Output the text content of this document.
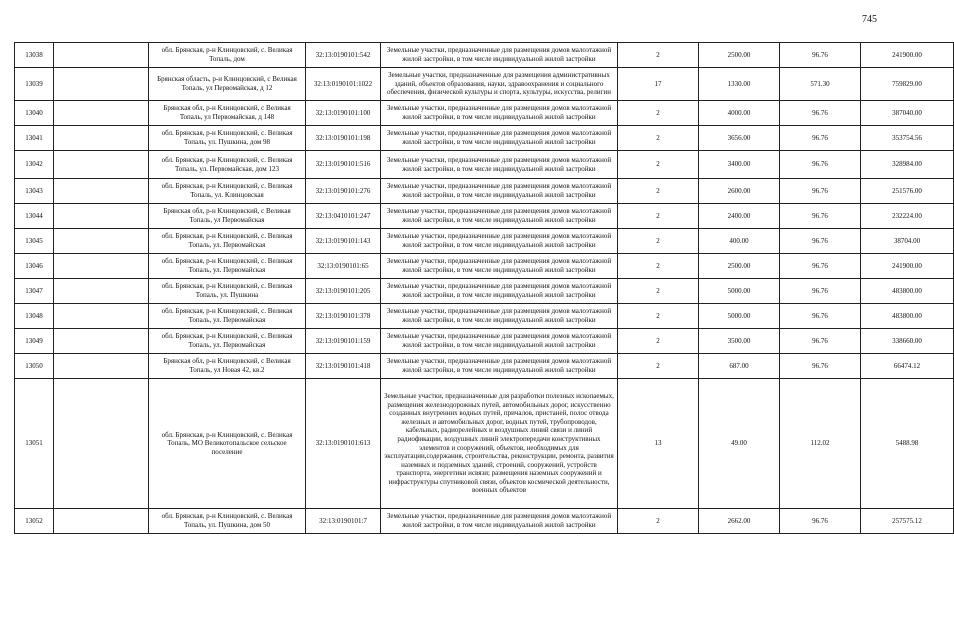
745
13038		обл. Брянская, р-н Клинцовский, с. Великая Топаль, дом	32:13:0190101:542	Земельные участки, предназначенные для размещения домов малоэтажной жилой застройки, в том числе индивидуальной жилой застройки	2	2500.00	96.76	241900.00
13039		Брянская область, р-н Клинцовский, с Великая Топаль, ул Первомайская, д 12	32:13:0190101:1022	Земельные участки, предназначенные для размещения административных зданий, объектов образования, науки, здравоохранения и социального обеспечения, физической культуры и спорта, культуры, искусства, религии	17	1330.00	571.30	759829.00
13040		Брянская обл, р-н Клинцовский, с Великая Топаль, ул Первомайская, д 148	32:13:0190101:100	Земельные участки, предназначенные для размещения домов малоэтажной жилой застройки, в том числе индивидуальной жилой застройки	2	4000.00	96.76	387040.00
13041		обл. Брянская, р-н Клинцовский, с. Великая Топаль, ул. Пушкина, дом 98	32:13:0190101:198	Земельные участки, предназначенные для размещения домов малоэтажной жилой застройки, в том числе индивидуальной жилой застройки	2	3656.00	96.76	353754.56
13042		обл. Брянская, р-н Клинцовский, с. Великая Топаль, ул. Первомайская, дом 123	32:13:0190101:516	Земельные участки, предназначенные для размещения домов малоэтажной жилой застройки, в том числе индивидуальной жилой застройки	2	3400.00	96.76	328984.00
13043		обл. Брянская, р-н Клинцовский, с. Великая Топаль, ул. Клинцовская	32:13:0190101:276	Земельные участки, предназначенные для размещения домов малоэтажной жилой застройки, в том числе индивидуальной жилой застройки	2	2600.00	96.76	251576.00
13044		Брянская обл, р-н Клинцовский, с Великая Топаль, ул Первомайская	32:13:0410101:247	Земельные участки, предназначенные для размещения домов малоэтажной жилой застройки, в том числе индивидуальной жилой застройки	2	2400.00	96.76	232224.00
13045		обл. Брянская, р-н Клинцовский, с. Великая Топаль, ул. Первомайская	32:13:0190101:143	Земельные участки, предназначенные для размещения домов малоэтажной жилой застройки, в том числе индивидуальной жилой застройки	2	400.00	96.76	38704.00
13046		обл. Брянская, р-н Клинцовский, с. Великая Топаль, ул. Первомайская	32:13:0190101:65	Земельные участки, предназначенные для размещения домов малоэтажной жилой застройки, в том числе индивидуальной жилой застройки	2	2500.00	96.76	241900.00
13047		обл. Брянская, р-н Клинцовский, с. Великая Топаль, ул. Пушкина	32:13:0190101:205	Земельные участки, предназначенные для размещения домов малоэтажной жилой застройки, в том числе индивидуальной жилой застройки	2	5000.00	96.76	483800.00
13048		обл. Брянская, р-н Клинцовский, с. Великая Топаль, ул. Первомайская	32:13:0190101:378	Земельные участки, предназначенные для размещения домов малоэтажной жилой застройки, в том числе индивидуальной жилой застройки	2	5000.00	96.76	483800.00
13049		обл. Брянская, р-н Клинцовский, с. Великая Топаль, ул. Первомайская	32:13:0190101:159	Земельные участки, предназначенные для размещения домов малоэтажной жилой застройки, в том числе индивидуальной жилой застройки	2	3500.00	96.76	338660.00
13050		Брянская обл, р-н Клинцовский, с Великая Топаль, ул Новая 42, кв.2	32:13:0190101:418	Земельные участки, предназначенные для размещения домов малоэтажной жилой застройки, в том числе индивидуальной жилой застройки	2	687.00	96.76	66474.12
13051		обл. Брянская, р-н Клинцовский, с. Великая Топаль, МО Великотопальское сельское поселение	32:13:0190101:613	Земельные участки, предназначенные для разработки полезных ископаемых, размещения железнодорожных путей, автомобильных дорог, искусственно созданных внутренних водных путей, причалов, пристаней, полос отвода железных и автомобильных дорог, водных путей, трубопроводов, кабельных, радиорелейных и воздушных линий связи и линий радиофикации, воздушных линий электропередачи конструктивных элементов и сооружений, объектов, необходимых для эксплуатации,содержания, строительства, реконструкции, ремонта, развития наземных и подземных зданий, строений, сооружений, устройств транспорта, энергетики исвязи; размещения наземных сооружений и инфраструктуры спутниковой связи, объектов космической деятельности, военных объектов	13	49.00	112.02	5488.98
13052		обл. Брянская, р-н Клинцовский, с. Великая Топаль, ул. Пушкина, дом 50	32:13:0190101:7	Земельные участки, предназначенные для размещения домов малоэтажной жилой застройки, в том числе индивидуальной жилой застройки	2	2662.00	96.76	257575.12
